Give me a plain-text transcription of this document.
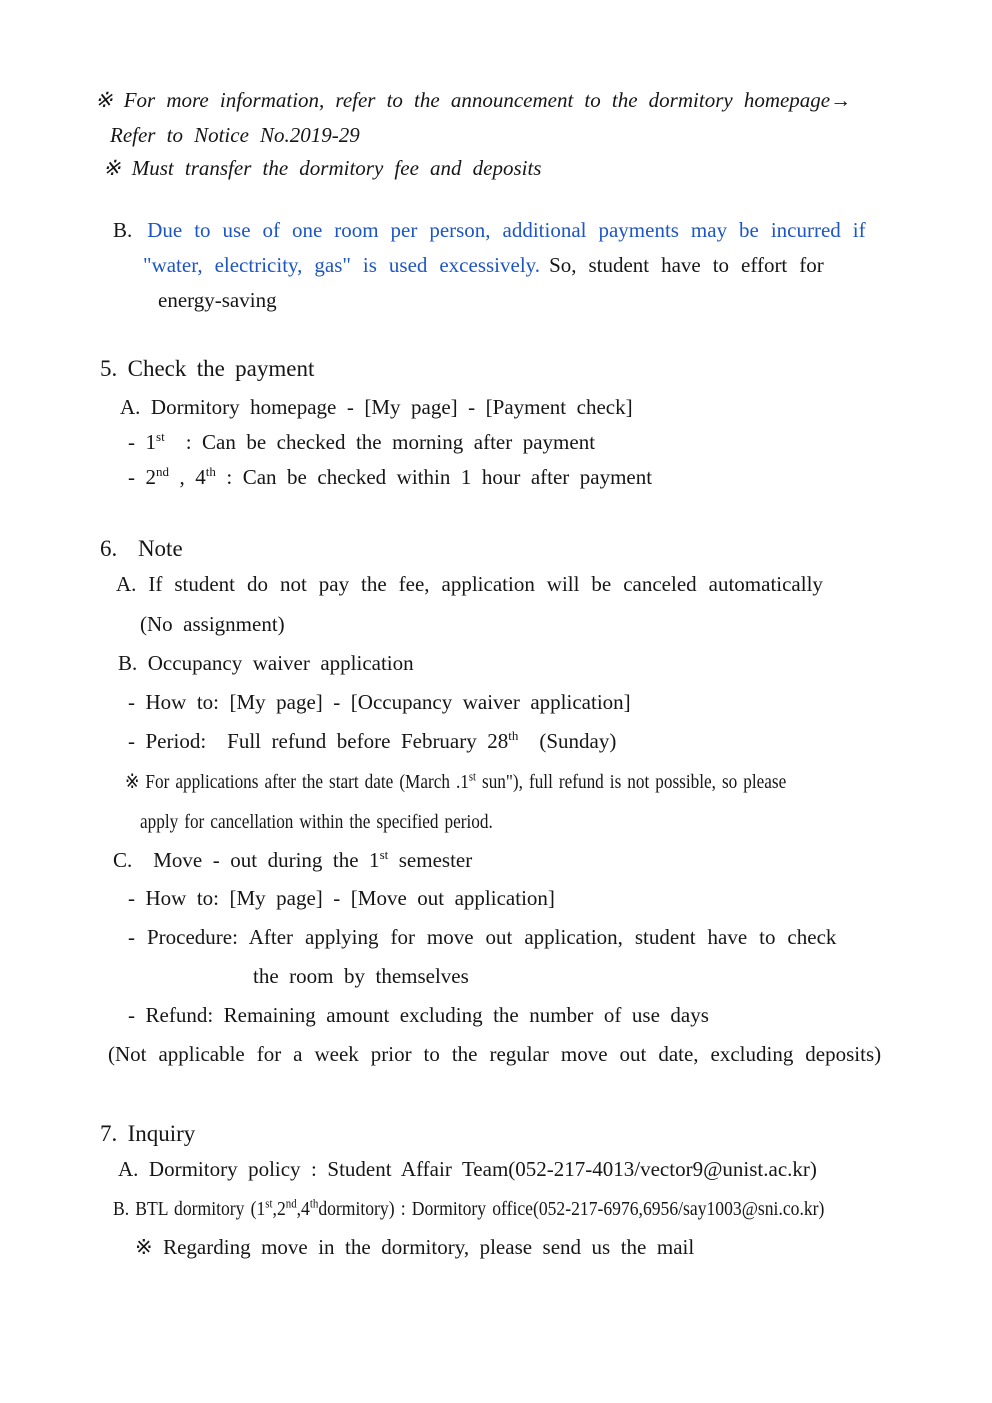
※ For more information, refer to the announcement to the dormitory homepage→
Refer to Notice No.2019-29
※ Must transfer the dormitory fee and deposits
B. Due to use of one room per person, additional payments may be incurred if
"water, electricity, gas" is used excessively. So, student have to effort for
energy-saving
5. Check the payment
A. Dormitory homepage - [My page] - [Payment check]
- 1st  : Can be checked the morning after payment
- 2nd , 4th : Can be checked within 1 hour after payment
6.  Note
A. If student do not pay the fee, application will be canceled automatically
(No assignment)
B. Occupancy waiver application
- How to: [My page] - [Occupancy waiver application]
- Period:  Full refund before February 28th  (Sunday)
※ For applications after the start date (March .1st sun"), full refund is not possible, so please
apply for cancellation within the specified period.
C.  Move - out during the 1st semester
- How to: [My page] - [Move out application]
- Procedure: After applying for move out application, student have to check
the room by themselves
- Refund: Remaining amount excluding the number of use days
(Not applicable for a week prior to the regular move out date, excluding deposits)
7. Inquiry
A. Dormitory policy : Student Affair Team(052-217-4013/vector9@unist.ac.kr)
B. BTL dormitory (1st,2nd,4thdormitory) : Dormitory office(052-217-6976,6956/say1003@sni.co.kr)
※ Regarding move in the dormitory, please send us the mail
